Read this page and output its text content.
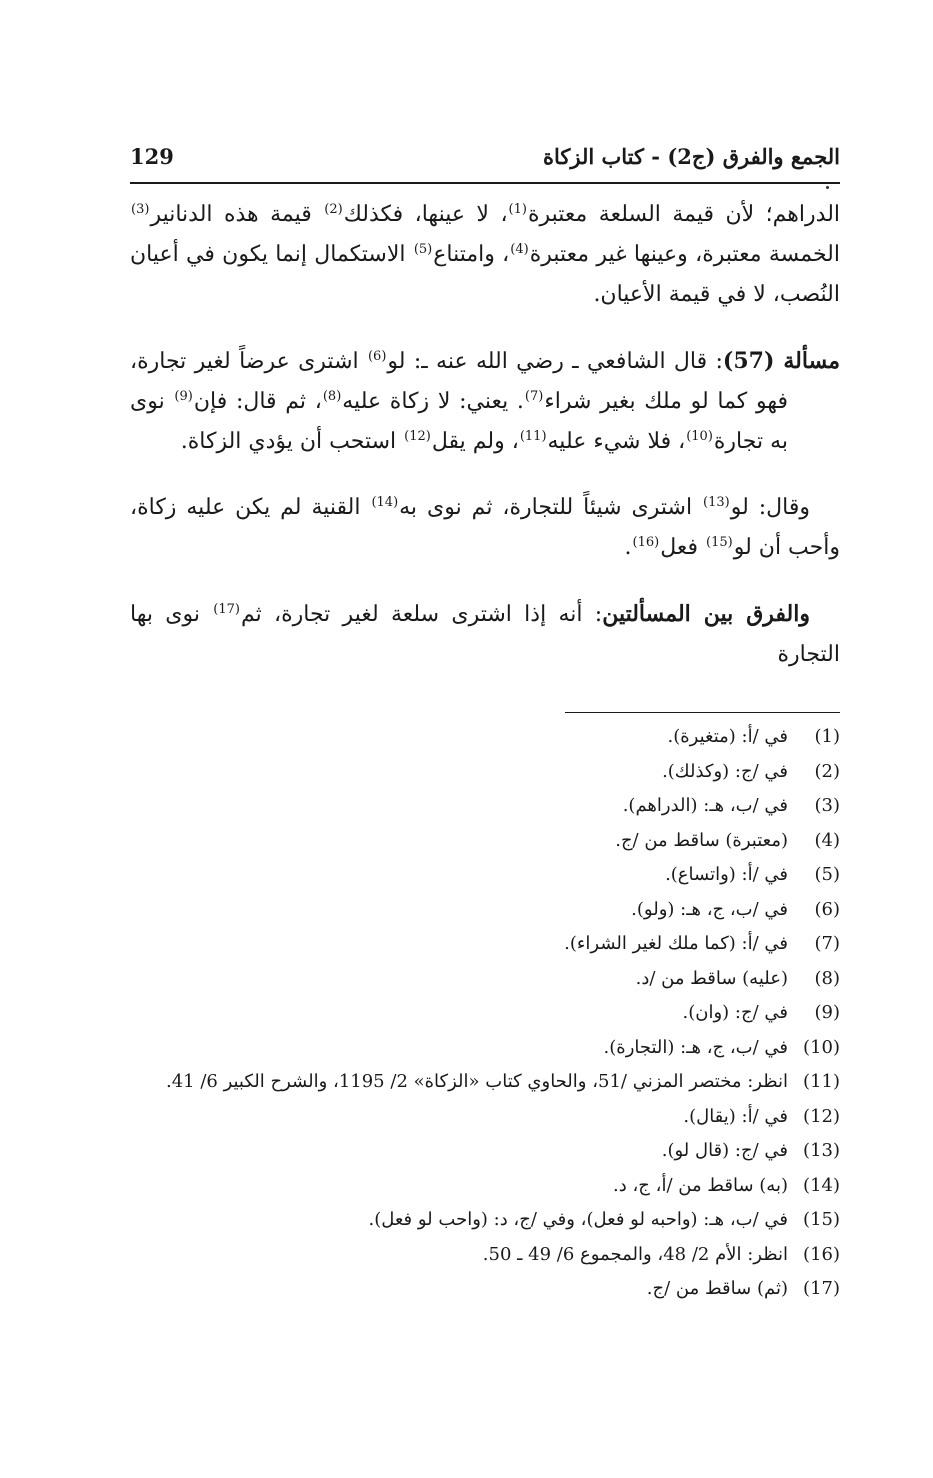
الجمع والفرق (ج2) - كتاب الزكاة
129

الدراهم؛ لأن قيمة السلعة معتبرة$^{(1)}$، لا عينها، فكذلك$^{(2)}$ قيمة هذه الدنانير$^{(3)}$ الخمسة معتبرة، وعينها غير معتبرة$^{(4)}$، وامتناع$^{(5)}$ الاستكمال إنما يكون في أعيان النُصب، لا في قيمة الأعيان.

مسألة (57): قال الشافعي ـ رضي الله عنه ـ: لو$^{(6)}$ اشترى عرضاً لغير تجارة، فهو كما لو ملك بغير شراء$^{(7)}$. يعني: لا زكاة عليه$^{(8)}$، ثم قال: فإن$^{(9)}$ نوى به تجارة$^{(10)}$، فلا شيء عليه$^{(11)}$، ولم يقل$^{(12)}$ استحب أن يؤدي الزكاة.

وقال: لو$^{(13)}$ اشترى شيئاً للتجارة، ثم نوى به$^{(14)}$ القنية لم يكن عليه زكاة، وأحب أن لو$^{(15)}$ فعل$^{(16)}$.

والفرق بين المسألتين: أنه إذا اشترى سلعة لغير تجارة، ثم$^{(17)}$ نوى بها التجارة

(1)في /أ: (متغيرة).
(2)في /ج: (وكذلك).
(3)في /ب، هـ: (الدراهم).
(4)(معتبرة) ساقط من /ج.
(5)في /أ: (واتساع).
(6)في /ب، ج، هـ: (ولو).
(7)في /أ: (كما ملك لغير الشراء).
(8)(عليه) ساقط من /د.
(9)في /ج: (وان).
(10)في /ب، ج، هـ: (التجارة).
(11)انظر: مختصر المزني /51، والحاوي كتاب «الزكاة» 2/ 1195، والشرح الكبير 6/ 41.
(12)في /أ: (يقال).
(13)في /ج: (قال لو).
(14)(به) ساقط من /أ، ج، د.
(15)في /ب، هـ: (واحبه لو فعل)، وفي /ج، د: (واحب لو فعل).
(16)انظر: الأم 2/ 48، والمجموع 6/ 49 ـ 50.
(17)(ثم) ساقط من /ج.
